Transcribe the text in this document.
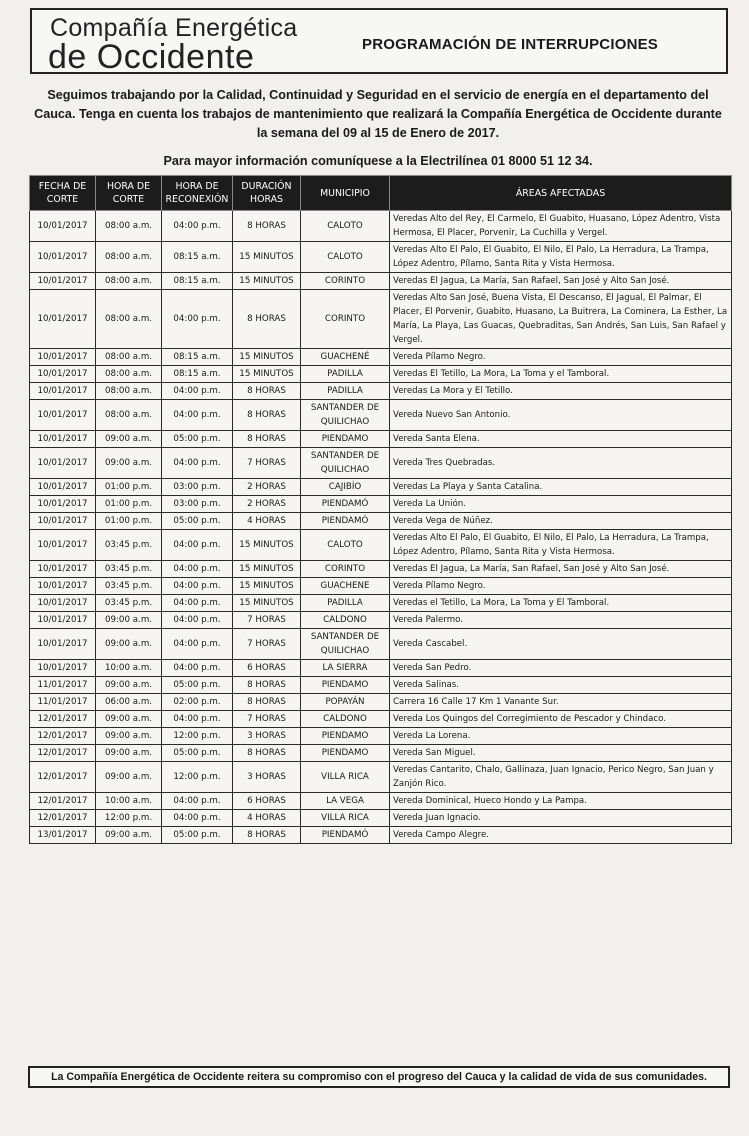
Compañía Energética
de Occidente	PROGRAMACIÓN DE INTERRUPCIONES
Seguimos trabajando por la Calidad, Continuidad y Seguridad en el servicio de energía en el departamento del Cauca. Tenga en cuenta los trabajos de mantenimiento que realizará la Compañía Energética de Occidente durante la semana del 09 al 15 de Enero de 2017.
Para mayor información comuníquese a la Electrilínea 01 8000 51 12 34.
FECHA DE CORTE	HORA DE CORTE	HORA DE RECONEXIÓN	DURACIÓN HORAS	MUNICIPIO	ÁREAS AFECTADAS
10/01/2017	08:00 a.m.	04:00 p.m.	8 HORAS	CALOTO	Veredas Alto del Rey, El Carmelo, El Guabito, Huasano, López Adentro, Vista Hermosa, El Placer, Porvenir, La Cuchilla y Vergel.
10/01/2017	08:00 a.m.	08:15 a.m.	15 MINUTOS	CALOTO	Veredas Alto El Palo, El Guabito, El Nilo, El Palo, La Herradura, La Trampa, López Adentro, Pílamo, Santa Rita y Vista Hermosa.
10/01/2017	08:00 a.m.	08:15 a.m.	15 MINUTOS	CORINTO	Veredas El Jagua, La María, San Rafael, San José y Alto San José.
10/01/2017	08:00 a.m.	04:00 p.m.	8 HORAS	CORINTO	Veredas Alto San José, Buena Vista, El Descanso, El Jagual, El Palmar, El Placer, El Porvenir, Guabito, Huasano, La Buitrera, La Cominera, La Esther, La María, La Playa, Las Guacas, Quebraditas, San Andrés, San Luis, San Rafael y Vergel.
10/01/2017	08:00 a.m.	08:15 a.m.	15 MINUTOS	GUACHENÉ	Vereda Pílamo Negro.
10/01/2017	08:00 a.m.	08:15 a.m.	15 MINUTOS	PADILLA	Veredas El Tetillo, La Mora, La Toma y el Tamboral.
10/01/2017	08:00 a.m.	04:00 p.m.	8 HORAS	PADILLA	Veredas La Mora y El Tetillo.
10/01/2017	08:00 a.m.	04:00 p.m.	8 HORAS	SANTANDER DE QUILICHAO	Vereda Nuevo San Antonio.
10/01/2017	09:00 a.m.	05:00 p.m.	8 HORAS	PIENDAMO	Vereda Santa Elena.
10/01/2017	09:00 a.m.	04:00 p.m.	7 HORAS	SANTANDER DE QUILICHAO	Vereda Tres Quebradas.
10/01/2017	01:00 p.m.	03:00 p.m.	2 HORAS	CAJIBÍO	Veredas La Playa y Santa Catalina.
10/01/2017	01:00 p.m.	03:00 p.m.	2 HORAS	PIENDAMÓ	Vereda La Unión.
10/01/2017	01:00 p.m.	05:00 p.m.	4 HORAS	PIENDAMÓ	Vereda Vega de Núñez.
10/01/2017	03:45 p.m.	04:00 p.m.	15 MINUTOS	CALOTO	Veredas Alto El Palo, El Guabito, El Nilo, El Palo, La Herradura, La Trampa, López Adentro, Pílamo, Santa Rita y Vista Hermosa.
10/01/2017	03:45 p.m.	04:00 p.m.	15 MINUTOS	CORINTO	Veredas El Jagua, La María, San Rafael, San José y Alto San José.
10/01/2017	03:45 p.m.	04:00 p.m.	15 MINUTOS	GUACHENE	Vereda Pílamo Negro.
10/01/2017	03:45 p.m.	04:00 p.m.	15 MINUTOS	PADILLA	Veredas el Tetillo, La Mora, La Toma y El Tamboral.
10/01/2017	09:00 a.m.	04:00 p.m.	7 HORAS	CALDONO	Vereda Palermo.
10/01/2017	09:00 a.m.	04:00 p.m.	7 HORAS	SANTANDER DE QUILICHAO	Vereda Cascabel.
10/01/2017	10:00 a.m.	04:00 p.m.	6 HORAS	LA SIERRA	Vereda San Pedro.
11/01/2017	09:00 a.m.	05:00 p.m.	8 HORAS	PIENDAMO	Vereda Salinas.
11/01/2017	06:00 a.m.	02:00 p.m.	8 HORAS	POPAYÁN	Carrera 16 Calle 17 Km 1 Vanante Sur.
12/01/2017	09:00 a.m.	04:00 p.m.	7 HORAS	CALDONO	Vereda Los Quingos del Corregimiento de Pescador y Chindaco.
12/01/2017	09:00 a.m.	12:00 p.m.	3 HORAS	PIENDAMO	Vereda La Lorena.
12/01/2017	09:00 a.m.	05:00 p.m.	8 HORAS	PIENDAMO	Vereda San Miguel.
12/01/2017	09:00 a.m.	12:00 p.m.	3 HORAS	VILLA RICA	Veredas Cantarito, Chalo, Gallinaza, Juan Ignacio, Perico Negro, San Juan y Zanjón Rico.
12/01/2017	10:00 a.m.	04:00 p.m.	6 HORAS	LA VEGA	Vereda Dominical, Hueco Hondo y La Pampa.
12/01/2017	12:00 p.m.	04:00 p.m.	4 HORAS	VILLA RICA	Vereda Juan Ignacio.
13/01/2017	09:00 a.m.	05:00 p.m.	8 HORAS	PIENDAMÓ	Vereda Campo Alegre.
La Compañía Energética de Occidente reitera su compromiso con el progreso del Cauca y la calidad de vida de sus comunidades.
